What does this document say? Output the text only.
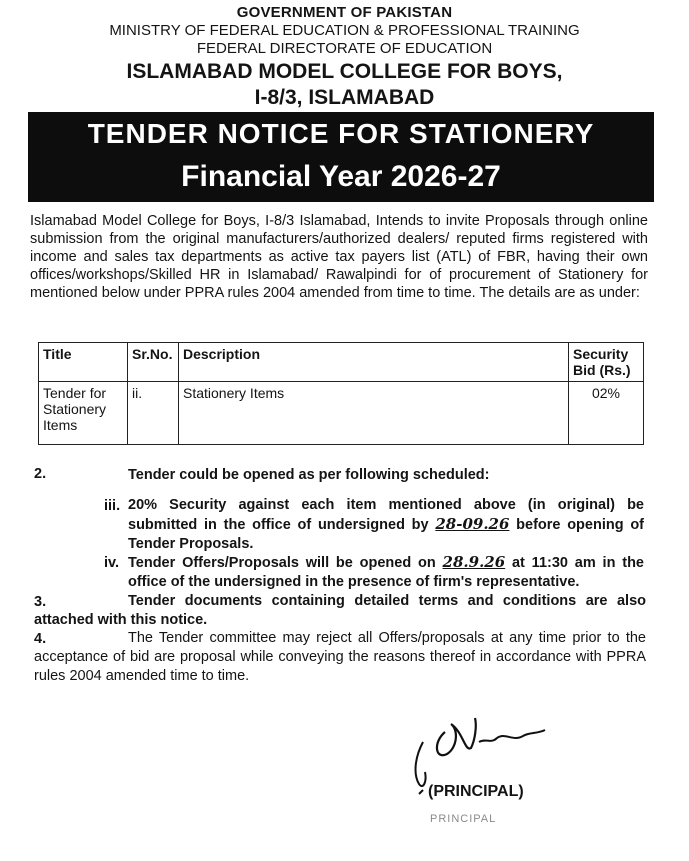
GOVERNMENT OF PAKISTAN
MINISTRY OF FEDERAL EDUCATION & PROFESSIONAL TRAINING
FEDERAL DIRECTORATE OF EDUCATION
ISLAMABAD MODEL COLLEGE FOR BOYS,
I-8/3, ISLAMABAD
TENDER NOTICE FOR STATIONERY
Financial Year 2026-27
Islamabad Model College for Boys, I-8/3 Islamabad, Intends to invite Proposals through online submission from the original manufacturers/authorized dealers/ reputed firms registered with income and sales tax departments as active tax payers list (ATL) of FBR, having their own offices/workshops/Skilled HR in Islamabad/ Rawalpindi for of procurement of Stationery for mentioned below under PPRA rules 2004 amended from time to time. The details are as under:
Title	Sr.No.	Description	Security Bid (Rs.)
Tender for Stationery Items	ii.	Stationery Items	02%
2.	Tender could be opened as per following scheduled:
iii. 20% Security against each item mentioned above (in original) be submitted in the office of undersigned by 28-09.26 before opening of Tender Proposals.
iv. Tender Offers/Proposals will be opened on 28.9.26 at 11:30 am in the office of the undersigned in the presence of firm's representative.
3.	Tender documents containing detailed terms and conditions are also attached with this notice.
4.	The Tender committee may reject all Offers/proposals at any time prior to the acceptance of bid are proposal while conveying the reasons thereof in accordance with PPRA rules 2004 amended time to time.
(PRINCIPAL)
PRINCIPAL
